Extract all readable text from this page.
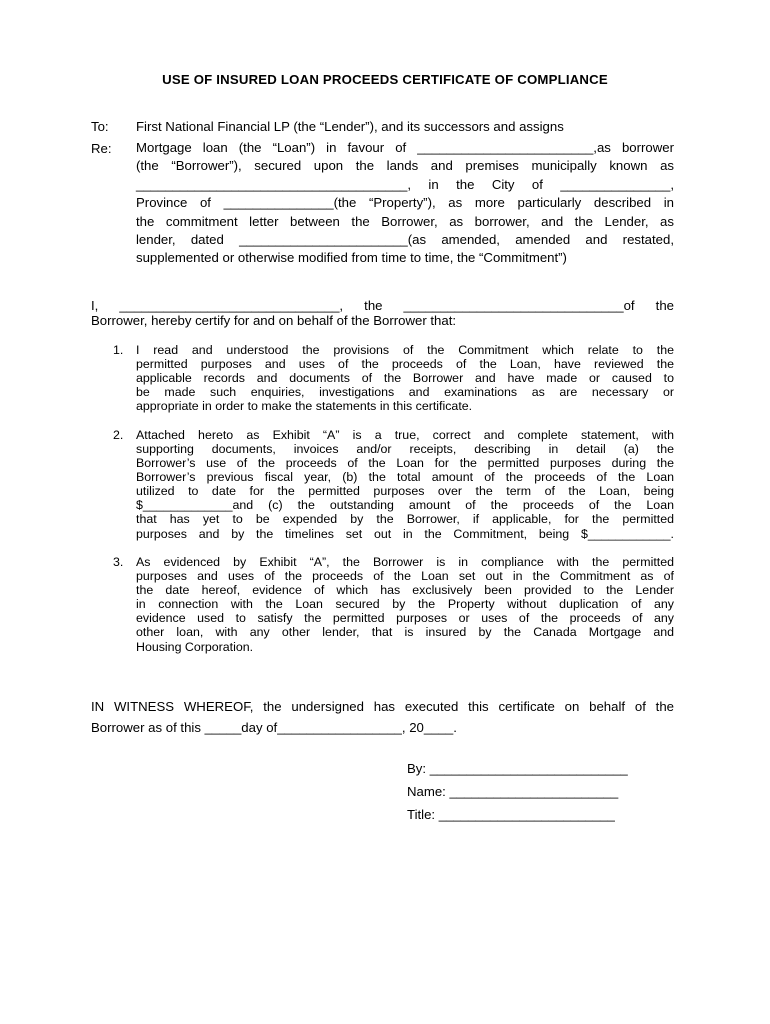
USE OF INSURED LOAN PROCEEDS CERTIFICATE OF COMPLIANCE
To: First National Financial LP (the “Lender”), and its successors and assigns
Re: Mortgage loan (the “Loan”) in favour of ________________________,as borrower
(the “Borrower”), secured upon the lands and premises municipally known as
_____________________________________, in the City of _______________,
Province of _______________(the “Property”), as more particularly described in
the commitment letter between the Borrower, as borrower, and the Lender, as
lender, dated _______________________(as amended, amended and restated,
supplemented or otherwise modified from time to time, the “Commitment”)
I, ______________________________, the ______________________________of the
Borrower, hereby certify for and on behalf of the Borrower that:
1. I read and understood the provisions of the Commitment which relate to the
permitted purposes and uses of the proceeds of the Loan, have reviewed the
applicable records and documents of the Borrower and have made or caused to
be made such enquiries, investigations and examinations as are necessary or
appropriate in order to make the statements in this certificate.
2. Attached hereto as Exhibit “A” is a true, correct and complete statement, with
supporting documents, invoices and/or receipts, describing in detail (a) the
Borrower’s use of the proceeds of the Loan for the permitted purposes during the
Borrower’s previous fiscal year, (b) the total amount of the proceeds of the Loan
utilized to date for the permitted purposes over the term of the Loan, being
$_____________and (c) the outstanding amount of the proceeds of the Loan
that has yet to be expended by the Borrower, if applicable, for the permitted
purposes and by the timelines set out in the Commitment, being $____________.
3. As evidenced by Exhibit “A”, the Borrower is in compliance with the permitted
purposes and uses of the proceeds of the Loan set out in the Commitment as of
the date hereof, evidence of which has exclusively been provided to the Lender
in connection with the Loan secured by the Property without duplication of any
evidence used to satisfy the permitted purposes or uses of the proceeds of any
other loan, with any other lender, that is insured by the Canada Mortgage and
Housing Corporation.
IN WITNESS WHEREOF, the undersigned has executed this certificate on behalf of the
Borrower as of this _____day of_________________, 20____.
By: ___________________________
Name: _______________________
Title: ________________________
